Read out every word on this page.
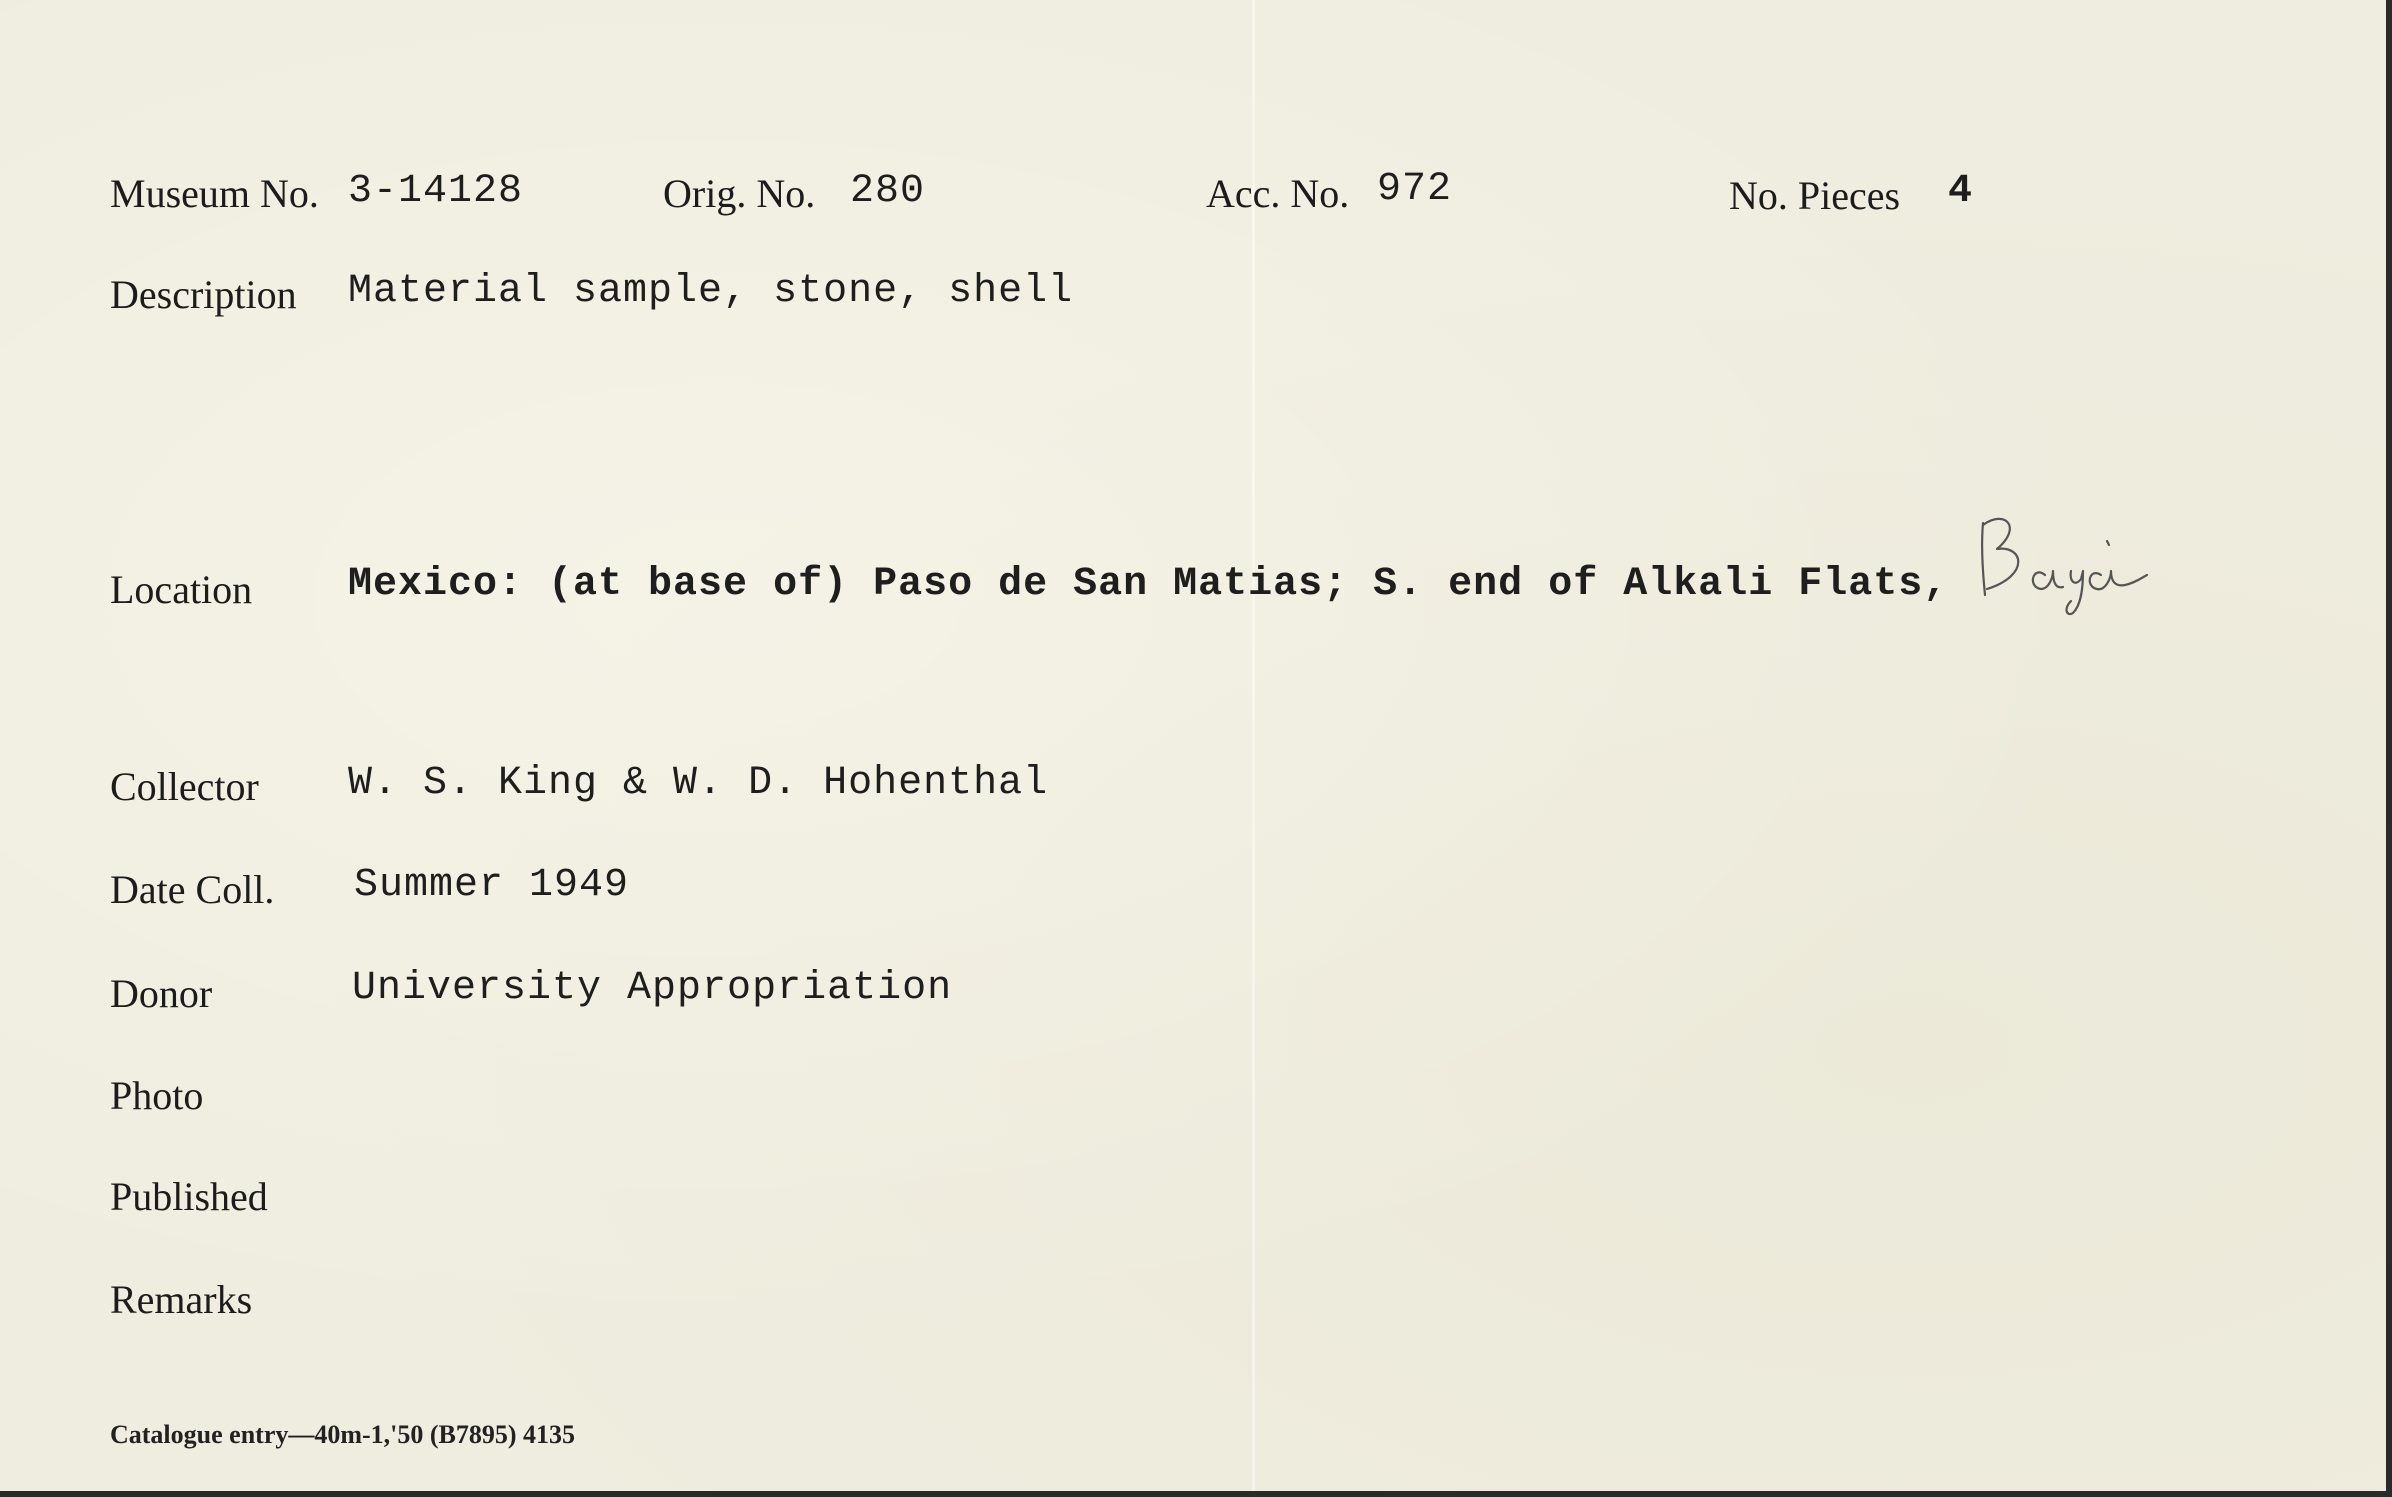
Museum No. 3-14128	Orig. No. 280	Acc. No. 972	No. Pieces 4
Description Material sample, stone, shell
Location Mexico: (at base of) Paso de San Matias; S. end of Alkali Flats,
Collector W. S. King & W. D. Hohenthal
Date Coll. Summer 1949
Donor	University Appropriation
Photo
Published
Remarks
Catalogue entry—40m-1,'50 (B7895) 4135
